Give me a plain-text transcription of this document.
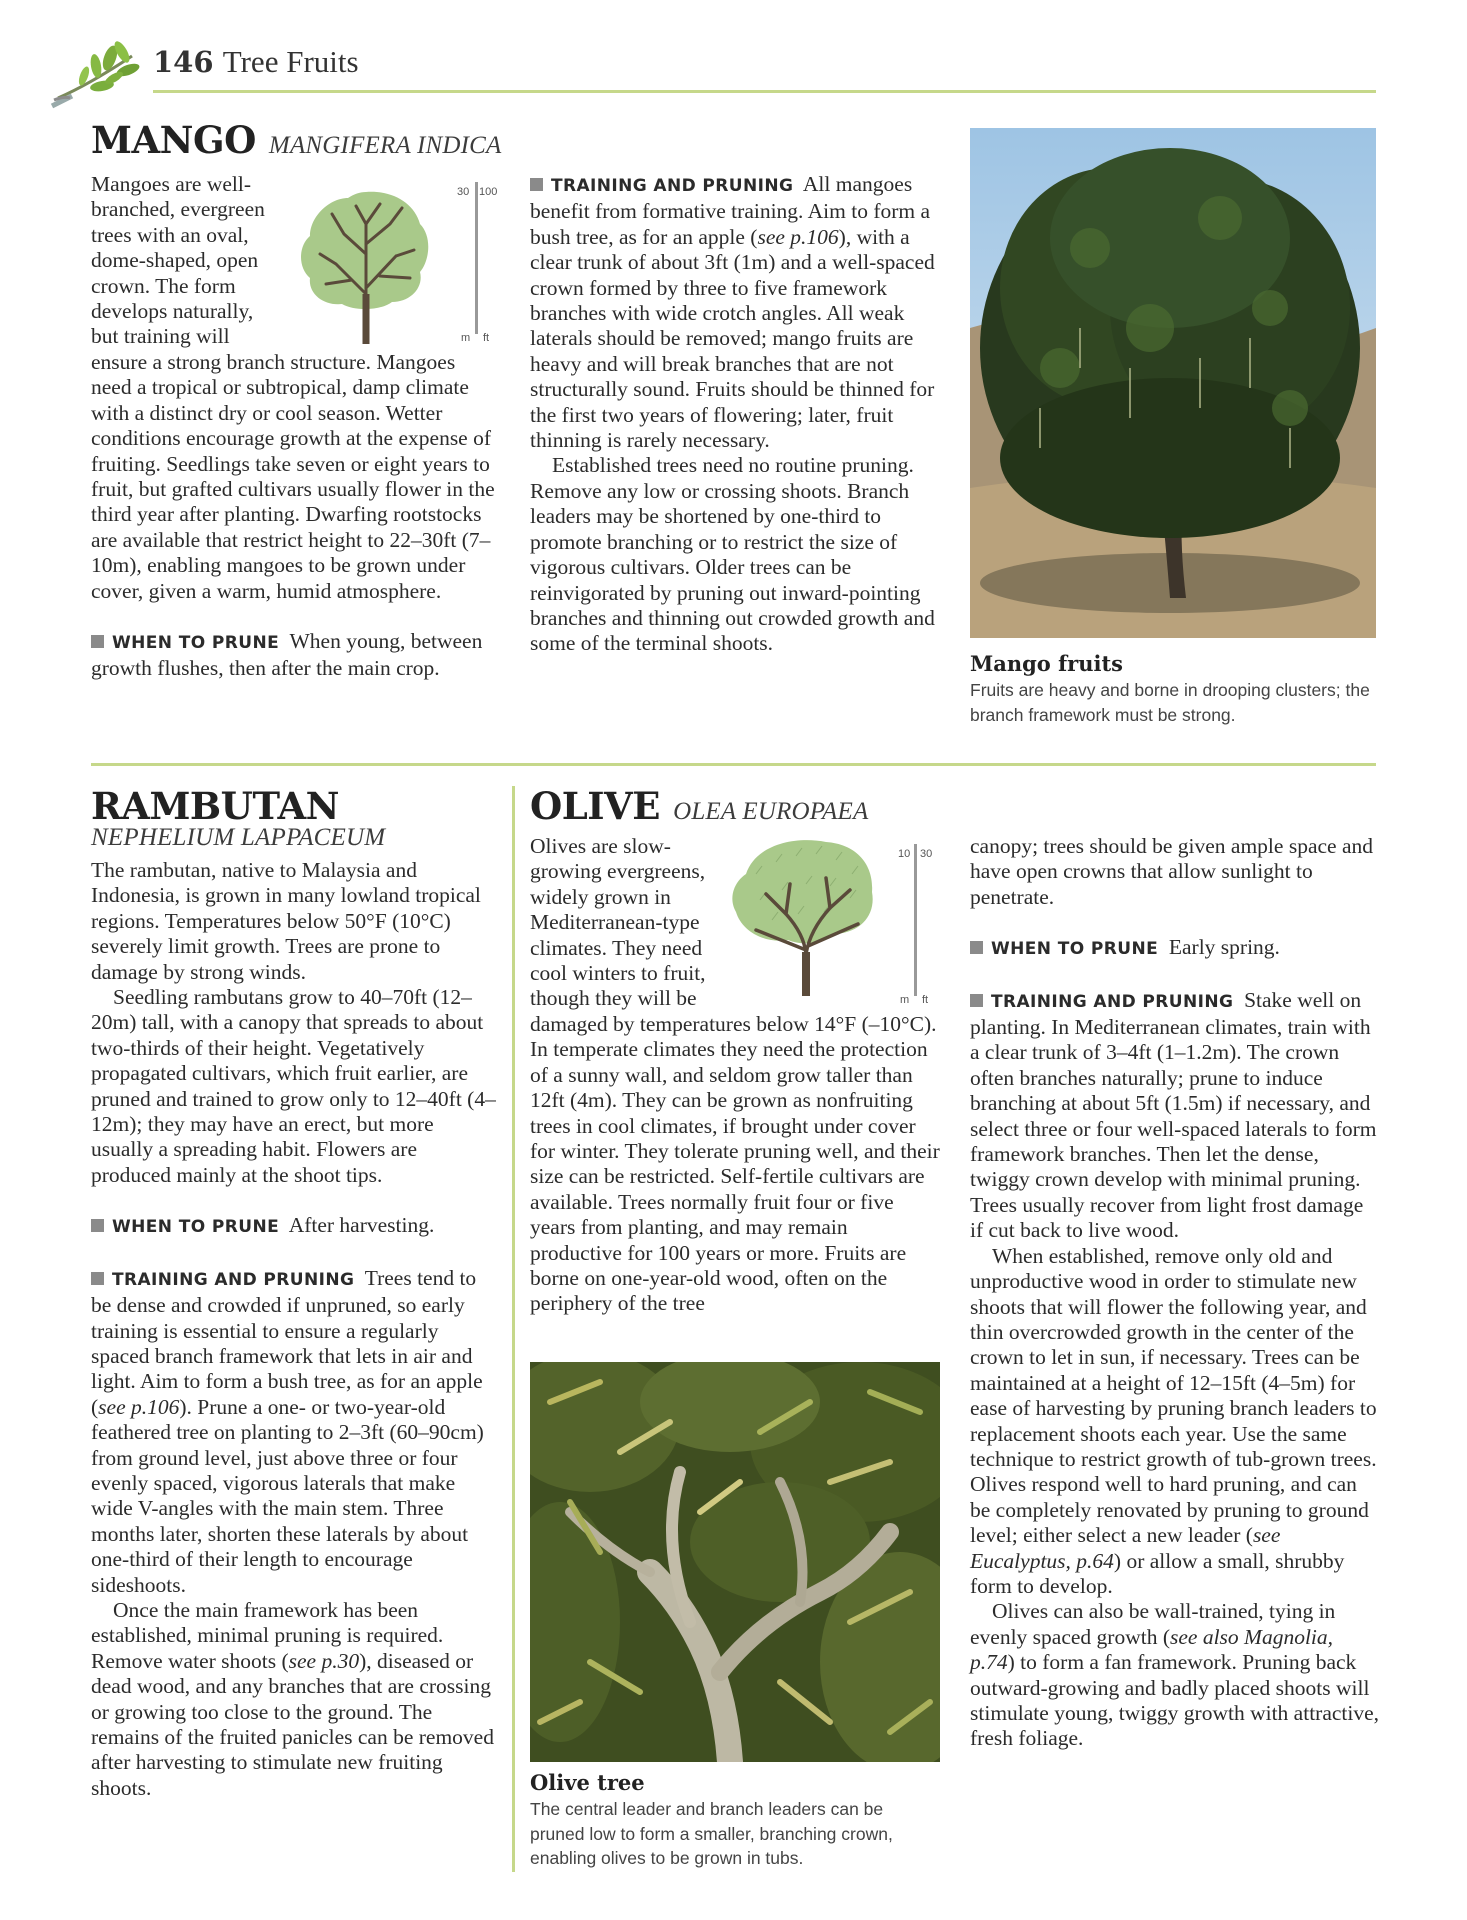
146 Tree Fruits
MANGO MANGIFERA INDICA
Mangoes are well-
branched, evergreen
trees with an oval,
dome-shaped, open
crown. The form
develops naturally,
but training will
30 100
m ft

ensure a strong branch structure. Mangoes need a tropical or subtropical, damp climate with a distinct dry or cool season. Wetter conditions encourage growth at the expense of fruiting. Seedlings take seven or eight years to fruit, but grafted cultivars usually flower in the third year after planting. Dwarfing rootstocks are available that restrict height to 22–30ft (7–10m), enabling mangoes to be grown under cover, given a warm, humid atmosphere.

WHEN TO PRUNE When young, between growth flushes, then after the main crop.

TRAINING AND PRUNING All mangoes benefit from formative training. Aim to form a bush tree, as for an apple (see p.106), with a clear trunk of about 3ft (1m) and a well-spaced crown formed by three to five framework branches with wide crotch angles. All weak laterals should be removed; mango fruits are heavy and will break branches that are not structurally sound. Fruits should be thinned for the first two years of flowering; later, fruit thinning is rarely necessary.

Established trees need no routine pruning. Remove any low or crossing shoots. Branch leaders may be shortened by one-third to promote branching or to restrict the size of vigorous cultivars. Older trees can be reinvigorated by pruning out inward-pointing branches and thinning out crowded growth and some of the terminal shoots.

Mango fruits
Fruits are heavy and borne in drooping clusters; the branch framework must be strong.
RAMBUTAN
NEPHELIUM LAPPACEUM

The rambutan, native to Malaysia and Indonesia, is grown in many lowland tropical regions. Temperatures below 50°F (10°C) severely limit growth. Trees are prone to damage by strong winds.

Seedling rambutans grow to 40–70ft (12–20m) tall, with a canopy that spreads to about two-thirds of their height. Vegetatively propagated cultivars, which fruit earlier, are pruned and trained to grow only to 12–40ft (4–12m); they may have an erect, but more usually a spreading habit. Flowers are produced mainly at the shoot tips.

WHEN TO PRUNE After harvesting.

TRAINING AND PRUNING Trees tend to be dense and crowded if unpruned, so early training is essential to ensure a regularly spaced branch framework that lets in air and light. Aim to form a bush tree, as for an apple (see p.106). Prune a one- or two-year-old feathered tree on planting to 2–3ft (60–90cm) from ground level, just above three or four evenly spaced, vigorous laterals that make wide V-angles with the main stem. Three months later, shorten these laterals by about one-third of their length to encourage sideshoots.

Once the main framework has been established, minimal pruning is required. Remove water shoots (see p.30), diseased or dead wood, and any branches that are crossing or growing too close to the ground. The remains of the fruited panicles can be removed after harvesting to stimulate new fruiting shoots.

OLIVE OLEA EUROPAEA
Olives are slow-
growing evergreens,
widely grown in
Mediterranean-type
climates. They need
cool winters to fruit,
though they will be
10 30
m ft

damaged by temperatures below 14°F (–10°C). In temperate climates they need the protection of a sunny wall, and seldom grow taller than 12ft (4m). They can be grown as nonfruiting trees in cool climates, if brought under cover for winter. They tolerate pruning well, and their size can be restricted. Self-fertile cultivars are available. Trees normally fruit four or five years from planting, and may remain productive for 100 years or more. Fruits are borne on one-year-old wood, often on the periphery of the tree

Olive tree
The central leader and branch leaders can be pruned low to form a smaller, branching crown, enabling olives to be grown in tubs.

canopy; trees should be given ample space and have open crowns that allow sunlight to penetrate.

WHEN TO PRUNE Early spring.

TRAINING AND PRUNING Stake well on planting. In Mediterranean climates, train with a clear trunk of 3–4ft (1–1.2m). The crown often branches naturally; prune to induce branching at about 5ft (1.5m) if necessary, and select three or four well-spaced laterals to form framework branches. Then let the dense, twiggy crown develop with minimal pruning. Trees usually recover from light frost damage if cut back to live wood.

When established, remove only old and unproductive wood in order to stimulate new shoots that will flower the following year, and thin overcrowded growth in the center of the crown to let in sun, if necessary. Trees can be maintained at a height of 12–15ft (4–5m) for ease of harvesting by pruning branch leaders to replacement shoots each year. Use the same technique to restrict growth of tub-grown trees. Olives respond well to hard pruning, and can be completely renovated by pruning to ground level; either select a new leader (see Eucalyptus, p.64) or allow a small, shrubby form to develop.

Olives can also be wall-trained, tying in evenly spaced growth (see also Magnolia, p.74) to form a fan framework. Pruning back outward-growing and badly placed shoots will stimulate young, twiggy growth with attractive, fresh foliage.
